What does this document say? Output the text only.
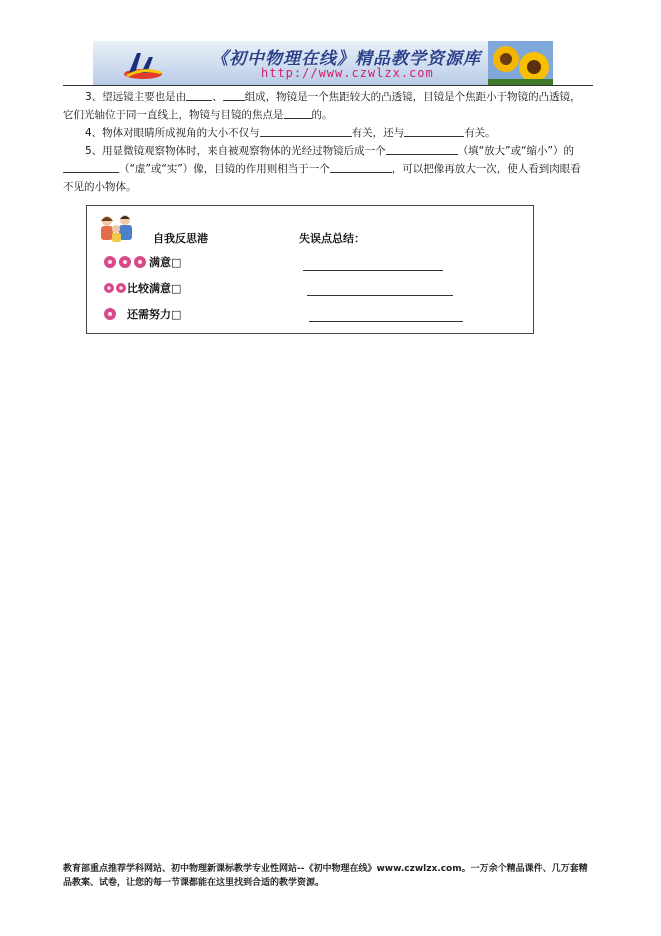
《初中物理在线》精品教学资源库
http://www.czwlzx.com

3、望远镜主要也是由 、 组成，物镜是一个焦距较大的凸透镜，目镜是个焦距小于物镜的凸透镜，它们光轴位于同一直线上，物镜与目镜的焦点是	的。

4、物体对眼睛所成视角的大小不仅与	有关，还与	有关。

5、用显微镜观察物体时，来自被观察物体的光经过物镜后成一个	（填“放大”或“缩小”）的（“虚”或“实”）像，目镜的作用则相当于一个	，可以把像再放大一次，使人看到肉眼看不见的小物体。

自我反思港	失误点总结：
满意□
比较满意□
还需努力□
教育部重点推荐学科网站、初中物理新课标教学专业性网站--《初中物理在线》www.czwlzx.com。一万余个精品课件、几万套精品教案、试卷，让您的每一节课都能在这里找到合适的教学资源。
